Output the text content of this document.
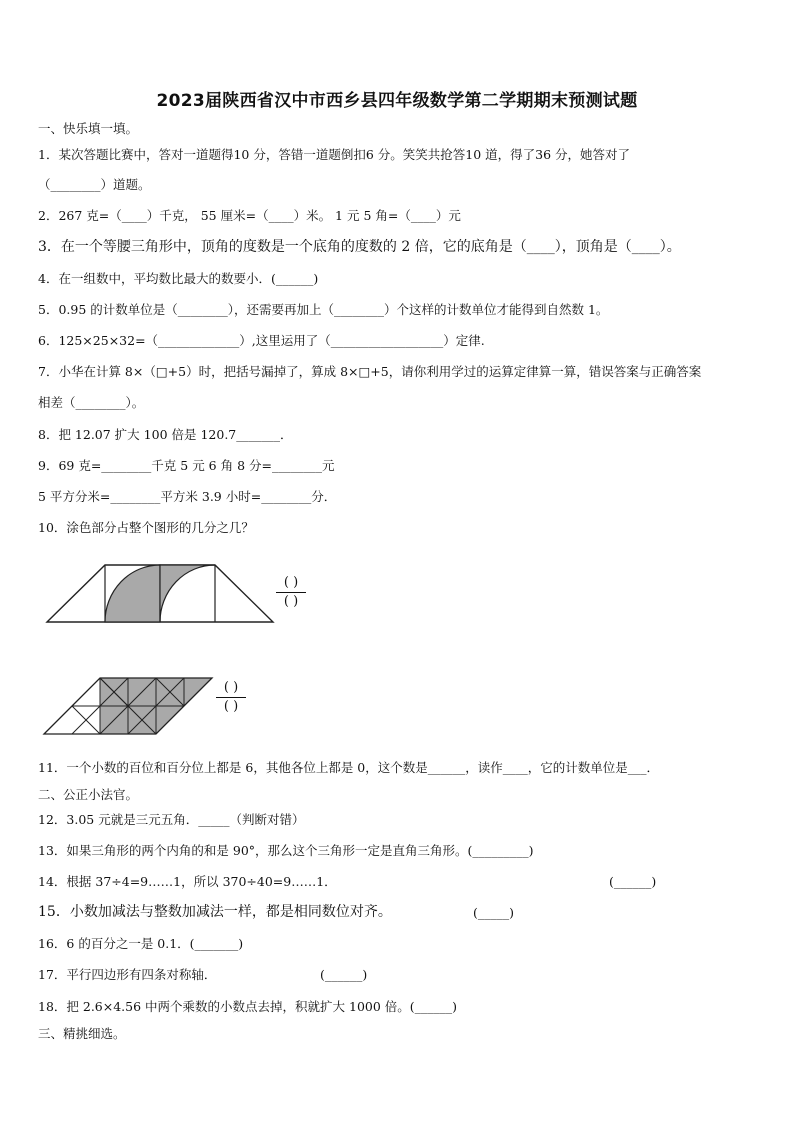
2023届陕西省汉中市西乡县四年级数学第二学期期末预测试题
一、快乐填一填。
1．某次答题比赛中，答对一道题得10 分，答错一道题倒扣6 分。笑笑共抢答10 道，得了36 分，她答对了
（________）道题。
2．267 克=（____）千克， 55 厘米=（____）米。 1 元 5 角=（____）元
3．在一个等腰三角形中，顶角的度数是一个底角的度数的 2 倍，它的底角是（____），顶角是（____）。
4．在一组数中，平均数比最大的数要小．(______)
5．0.95 的计数单位是（________），还需要再加上（________）个这样的计数单位才能得到自然数 1。
6．125×25×32=（_____________）,这里运用了（__________________）定律.
7．小华在计算 8×（□+5）时，把括号漏掉了，算成 8×□+5，请你利用学过的运算定律算一算，错误答案与正确答案
相差（________）。
8．把 12.07 扩大 100 倍是 120.7_______．
9．69 克=________千克 5 元 6 角 8 分=________元
5 平方分米=________平方米 3.9 小时=________分．
10．涂色部分占整个图形的几分之几？
( )
( )
( )
( )
11．一个小数的百位和百分位上都是 6，其他各位上都是 0，这个数是______，读作____，它的计数单位是___．
二、公正小法官。
12．3.05 元就是三元五角．_____（判断对错）
13．如果三角形的两个内角的和是 90°，那么这个三角形一定是直角三角形。(_________)
14．根据 37÷4=9……1，所以 370÷40=9……1．	(______)
15．小数加减法与整数加减法一样，都是相同数位对齐。	(_____)
16．6 的百分之一是 0.1．(_______)
17．平行四边形有四条对称轴．	(______)
18．把 2.6×4.56 中两个乘数的小数点去掉，积就扩大 1000 倍。(______)
三、精挑细选。
